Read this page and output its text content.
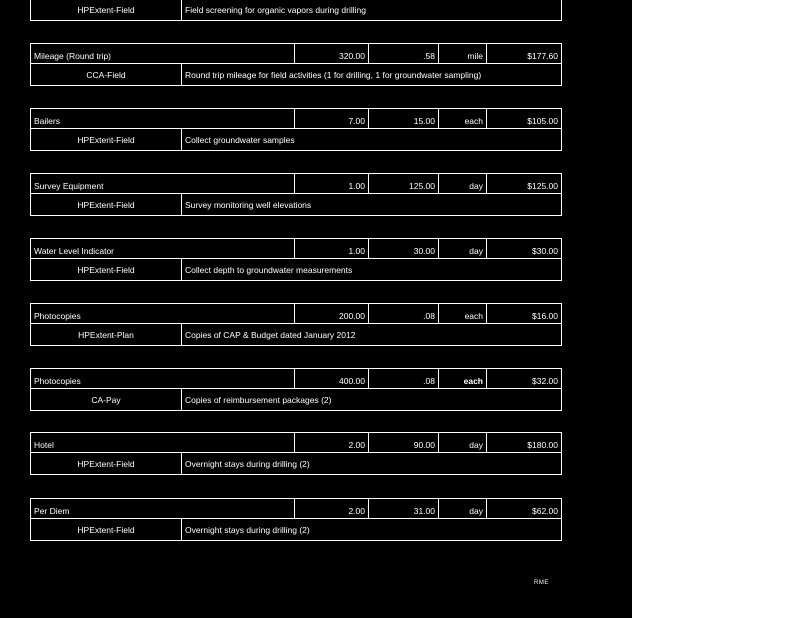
HPExtent-Field	Field screening for organic vapors during drilling
Mileage (Round trip)	320.00	.58	mile	$177.60
CCA-Field	Round trip mileage for field activities (1 for drilling, 1 for groundwater sampling)
Bailers	7.00	15.00	each	$105.00
HPExtent-Field	Collect groundwater samples
Survey Equipment	1.00	125.00	day	$125.00
HPExtent-Field	Survey monitoring well elevations
Water Level Indicator	1.00	30.00	day	$30.00
HPExtent-Field	Collect depth to groundwater measurements
Photocopies	200.00	.08	each	$16.00
HPExtent-Plan	Copies of CAP & Budget dated January 2012
Photocopies	400.00	.08	each	$32.00
CA-Pay	Copies of reimbursement packages (2)
Hotel	2.00	90.00	day	$180.00
HPExtent-Field	Overnight stays during drilling (2)
Per Diem	2.00	31.00	day	$62.00
HPExtent-Field	Overnight stays during drilling (2)
RME
